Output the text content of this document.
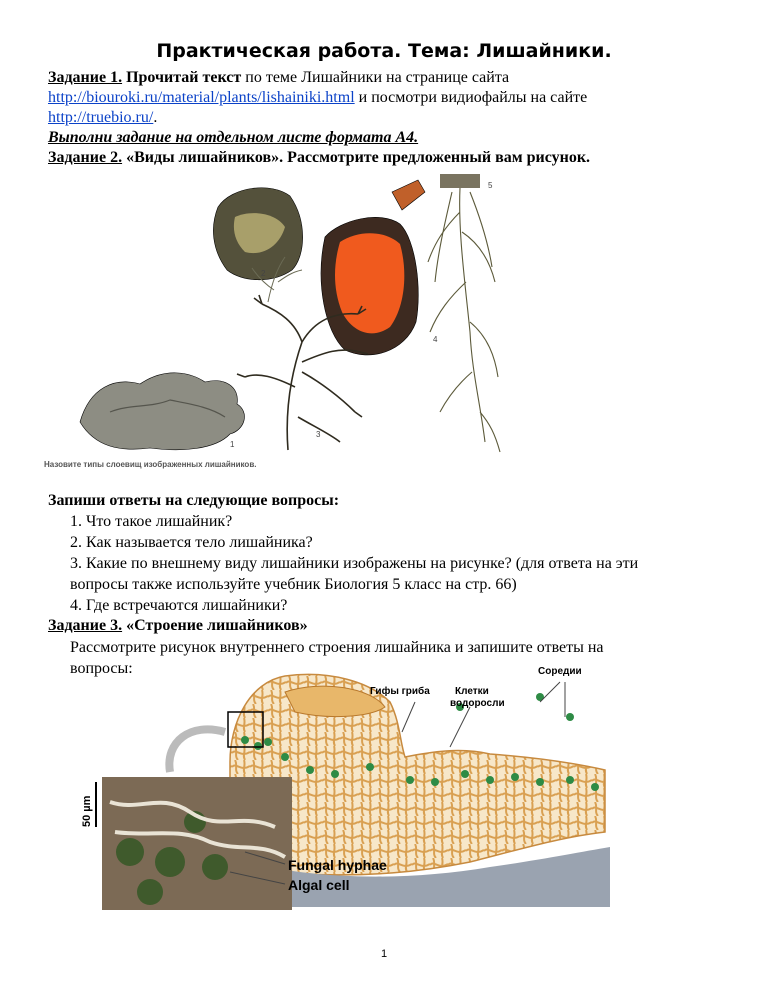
Практическая работа. Тема: Лишайники.
Задание 1. Прочитай текст по теме Лишайники на странице сайта
http://biouroki.ru/material/plants/lishainiki.html и посмотри видиофайлы на сайте
http://truebio.ru/.
Выполни задание на отдельном листе формата А4.
Задание 2. «Виды лишайников». Рассмотрите предложенный вам рисунок.
1
2
3
4
5
Назовите типы слоевищ изображенных лишайников.
Запиши ответы на следующие вопросы:
1. Что такое лишайник?
2. Как называется тело лишайника?
3. Какие по внешнему виду лишайники изображены на рисунке? (для ответа на эти
вопросы также используйте учебник Биология 5 класс на стр. 66)
4. Где встречаются лишайники?
Задание 3. «Строение лишайников»
Рассмотрите рисунок внутреннего строения лишайника и запишите ответы на
вопросы:
50 µm
Гифы гриба	Клетки
водоросли
Соредии
Fungal hyphae
Algal cell
1
